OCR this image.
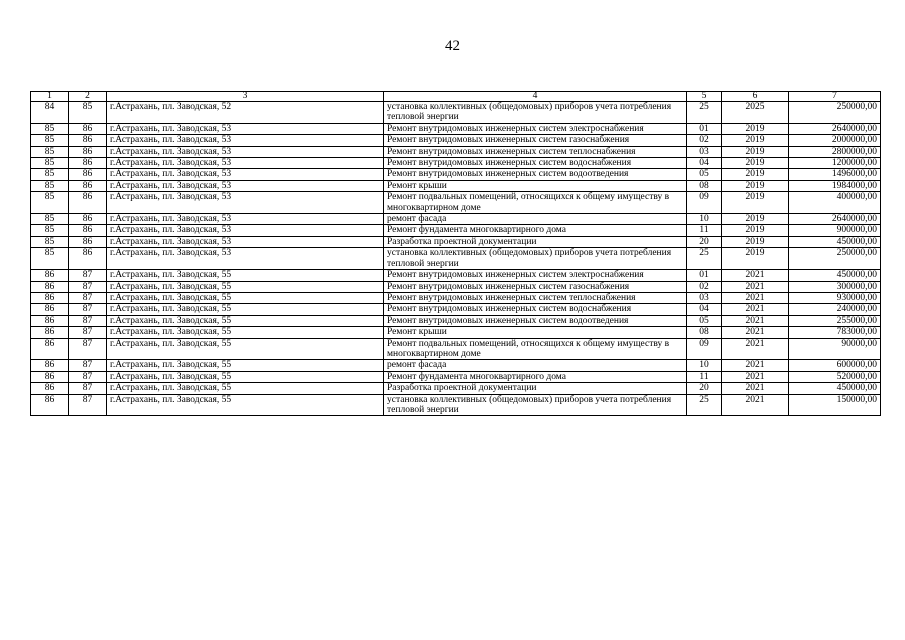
42
1	2	3	4	5	6	7
84	85	г.Астрахань, пл. Заводская, 52	установка коллективных (общедомовых) приборов учета потребления тепловой энергии	25	2025	250000,00
85	86	г.Астрахань, пл. Заводская, 53	Ремонт внутридомовых инженерных систем электроснабжения	01	2019	2640000,00
85	86	г.Астрахань, пл. Заводская, 53	Ремонт внутридомовых инженерных систем газоснабжения	02	2019	2000000,00
85	86	г.Астрахань, пл. Заводская, 53	Ремонт внутридомовых инженерных систем теплоснабжения	03	2019	2800000,00
85	86	г.Астрахань, пл. Заводская, 53	Ремонт внутридомовых инженерных систем водоснабжения	04	2019	1200000,00
85	86	г.Астрахань, пл. Заводская, 53	Ремонт внутридомовых инженерных систем водоотведения	05	2019	1496000,00
85	86	г.Астрахань, пл. Заводская, 53	Ремонт крыши	08	2019	1984000,00
85	86	г.Астрахань, пл. Заводская, 53	Ремонт подвальных помещений, относящихся к общему имуществу в многоквартирном доме	09	2019	400000,00
85	86	г.Астрахань, пл. Заводская, 53	ремонт фасада	10	2019	2640000,00
85	86	г.Астрахань, пл. Заводская, 53	Ремонт фундамента многоквартирного дома	11	2019	900000,00
85	86	г.Астрахань, пл. Заводская, 53	Разработка проектной документации	20	2019	450000,00
85	86	г.Астрахань, пл. Заводская, 53	установка коллективных (общедомовых) приборов учета потребления тепловой энергии	25	2019	250000,00
86	87	г.Астрахань, пл. Заводская, 55	Ремонт внутридомовых инженерных систем электроснабжения	01	2021	450000,00
86	87	г.Астрахань, пл. Заводская, 55	Ремонт внутридомовых инженерных систем газоснабжения	02	2021	300000,00
86	87	г.Астрахань, пл. Заводская, 55	Ремонт внутридомовых инженерных систем теплоснабжения	03	2021	930000,00
86	87	г.Астрахань, пл. Заводская, 55	Ремонт внутридомовых инженерных систем водоснабжения	04	2021	240000,00
86	87	г.Астрахань, пл. Заводская, 55	Ремонт внутридомовых инженерных систем водоотведения	05	2021	255000,00
86	87	г.Астрахань, пл. Заводская, 55	Ремонт крыши	08	2021	783000,00
86	87	г.Астрахань, пл. Заводская, 55	Ремонт подвальных помещений, относящихся к общему имуществу в многоквартирном доме	09	2021	90000,00
86	87	г.Астрахань, пл. Заводская, 55	ремонт фасада	10	2021	600000,00
86	87	г.Астрахань, пл. Заводская, 55	Ремонт фундамента многоквартирного дома	11	2021	520000,00
86	87	г.Астрахань, пл. Заводская, 55	Разработка проектной документации	20	2021	450000,00
86	87	г.Астрахань, пл. Заводская, 55	установка коллективных (общедомовых) приборов учета потребления тепловой энергии	25	2021	150000,00
